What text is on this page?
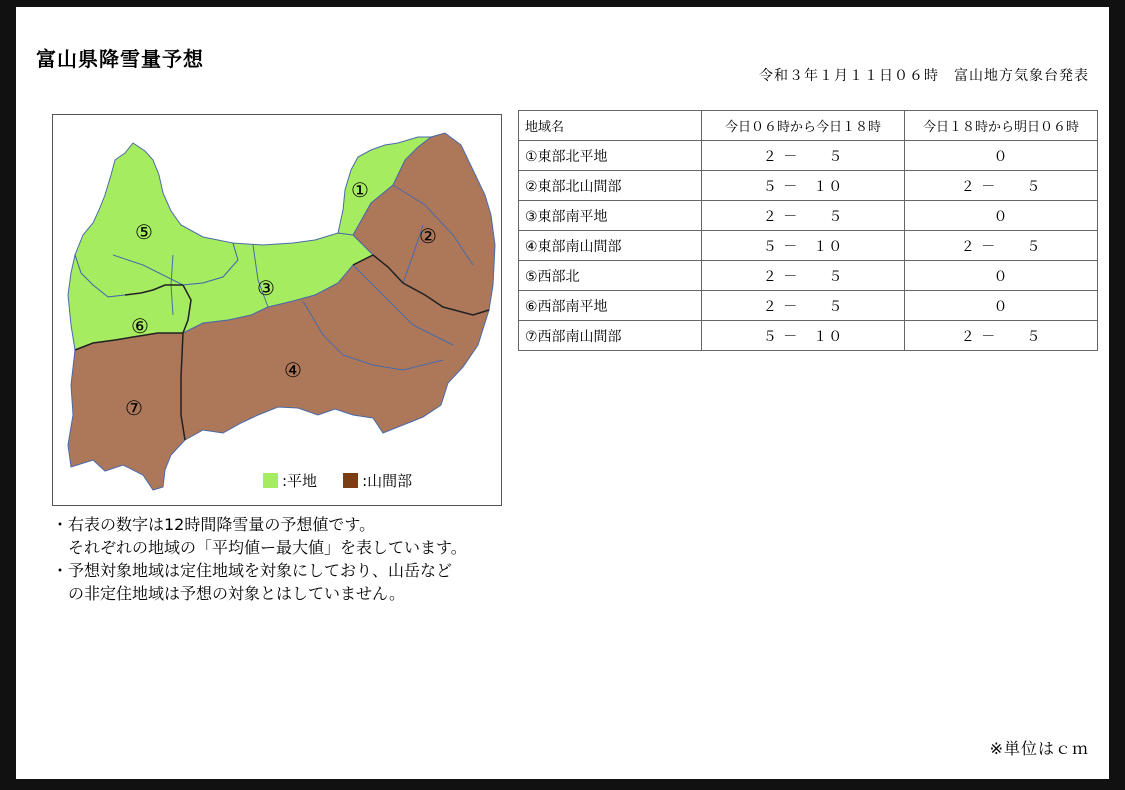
富山県降雪量予想
令和３年１月１１日０６時　富山地方気象台発表
①
②
③
④
⑤
⑥
⑦
:平地	:山間部
地域名	今日０６時から今日１８時	今日１８時から明日０６時
①東部北平地	２ －　　５	０
②東部北山間部	５ －　１０	２ －　　５
③東部南平地	２ －　　５	０
④東部南山間部	５ －　１０	２ －　　５
⑤西部北	２ －　　５	０
⑥西部南平地	２ －　　５	０
⑦西部南山間部	５ －　１０	２ －　　５
・右表の数字は12時間降雪量の予想値です。
　それぞれの地域の「平均値ー最大値」を表しています。
・予想対象地域は定住地域を対象にしており、山岳など
　の非定住地域は予想の対象とはしていません。
※単位はｃｍ
